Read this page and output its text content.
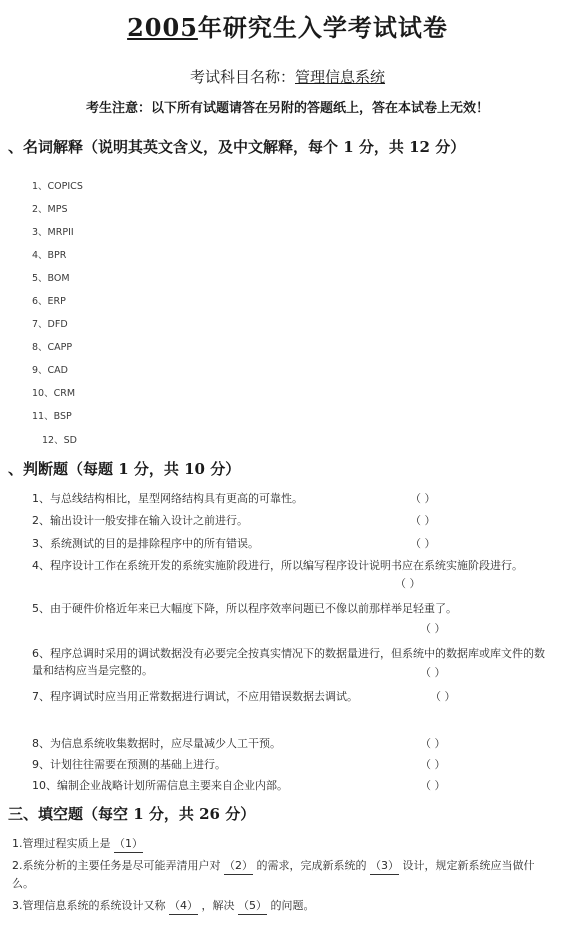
2005年研究生入学考试试卷
考试科目名称：管理信息系统
考生注意：以下所有试题请答在另附的答题纸上，答在本试卷上无效！
、名词解释（说明其英文含义，及中文解释，每个 1 分，共 12 分）
1、COPICS
2、MPS
3、MRPII
4、BPR
5、BOM
6、ERP
7、DFD
8、CAPP
9、CAD
10、CRM
11、BSP
12、SD
、判断题（每题 1 分，共 10 分）
1、与总线结构相比，星型网络结构具有更高的可靠性。	（ ）
2、输出设计一般安排在输入设计之前进行。	（ ）
3、系统测试的目的是排除程序中的所有错误。	（ ）
4、程序设计工作在系统开发的系统实施阶段进行，所以编写程序设计说明书应在系统实施阶段进行。
（ ）
5、由于硬件价格近年来已大幅度下降，所以程序效率问题已不像以前那样举足轻重了。
（ ）
6、程序总调时采用的调试数据没有必要完全按真实情况下的数据量进行，但系统中的数据库或库文件的数量和结构应当是完整的。	（ ）
7、程序调试时应当用正常数据进行调试，不应用错误数据去调试。	（ ）
8、为信息系统收集数据时，应尽量减少人工干预。	（ ）
9、计划往往需要在预测的基础上进行。	（ ）
10、编制企业战略计划所需信息主要来自企业内部。	（ ）
三、填空题（每空 1 分，共 26 分）
1.管理过程实质上是 （1）
2.系统分析的主要任务是尽可能弄清用户对 （2） 的需求，完成新系统的 （3） 设计，规定新系统应当做什么。
3.管理信息系统的系统设计又称 （4） ，解决 （5） 的问题。
